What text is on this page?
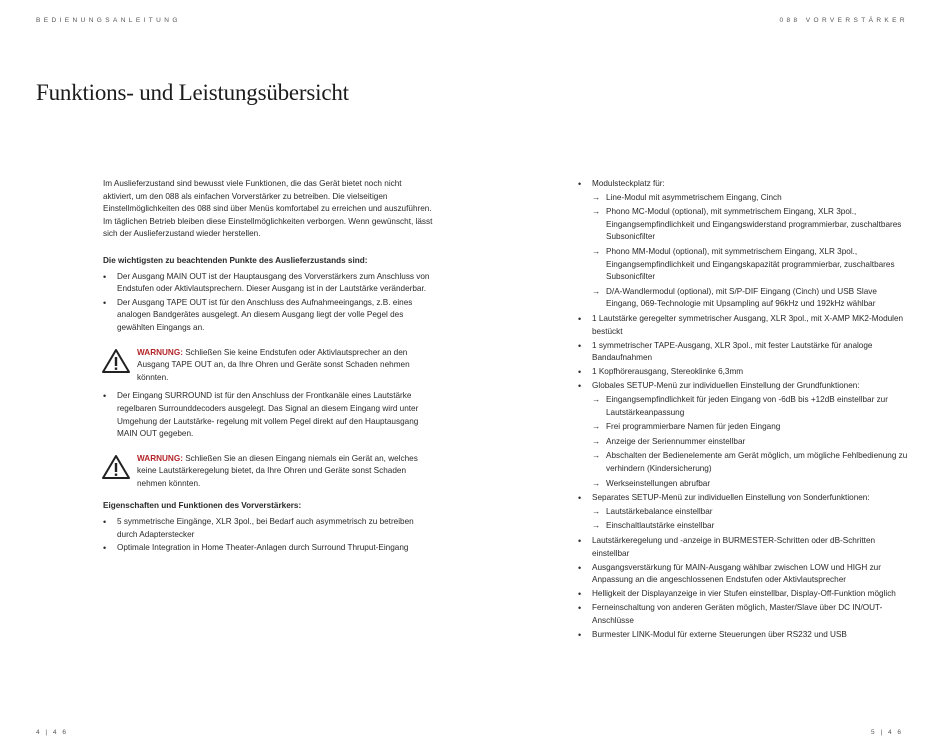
BEDIENUNGSANLEITUNG	088 VORVERSTÄRKER
Funktions- und Leistungsübersicht

Im Auslieferzustand sind bewusst viele Funktionen, die das Gerät bietet noch nicht aktiviert, um den 088 als einfachen Vorverstärker zu betreiben. Die vielseitigen Einstellmöglichkeiten des 088 sind über Menüs komfortabel zu erreichen und auszuführen. Im täglichen Betrieb bleiben diese Einstellmöglichkeiten verborgen. Wenn gewünscht, lässt sich der Auslieferzustand wieder herstellen.

Die wichtigsten zu beachtenden Punkte des Auslieferzustands sind:

• Der Ausgang MAIN OUT ist der Hauptausgang des Vorverstärkers zum Anschluss von Endstufen oder Aktivlautsprechern. Dieser Ausgang ist in der Lautstärke veränderbar.
• Der Ausgang TAPE OUT ist für den Anschluss des Aufnahmeeingangs, z.B. eines analogen Bandgerätes ausgelegt. An diesem Ausgang liegt der volle Pegel des gewählten Eingangs an.

WARNUNG: Schließen Sie keine Endstufen oder Aktivlautsprecher an den Ausgang TAPE OUT an, da Ihre Ohren und Geräte sonst Schaden nehmen könnten.

• Der Eingang SURROUND ist für den Anschluss der Frontkanäle eines Lautstärke regelbaren Surrounddecoders ausgelegt. Das Signal an diesem Eingang wird unter Umgehung der Lautstärke- regelung mit vollem Pegel direkt auf den Hauptausgang MAIN OUT gegeben.

WARNUNG: Schließen Sie an diesen Eingang niemals ein Gerät an, welches keine Lautstärkeregelung bietet, da Ihre Ohren und Geräte sonst Schaden nehmen könnten.

Eigenschaften und Funktionen des Vorverstärkers:

• 5 symmetrische Eingänge, XLR 3pol., bei Bedarf auch asymmetrisch zu betreiben durch Adapterstecker
• Optimale Integration in Home Theater-Anlagen durch Surround Thruput-Eingang
• Modulsteckplatz für:
→ Line-Modul mit asymmetrischem Eingang, Cinch
→ Phono MC-Modul (optional), mit symmetrischem Eingang, XLR 3pol., Eingangsempfindlichkeit und Eingangswiderstand programmierbar, zuschaltbares Subsonicfilter
→ Phono MM-Modul (optional), mit symmetrischem Eingang, XLR 3pol., Eingangsempfindlichkeit und Eingangskapazität programmierbar, zuschaltbares Subsonicfilter
→ D/A-Wandlermodul (optional), mit S/P-DIF Eingang (Cinch) und USB Slave Eingang, 069-Technologie mit Upsampling auf 96kHz und 192kHz wählbar
• 1 Lautstärke geregelter symmetrischer Ausgang, XLR 3pol., mit X-AMP MK2-Modulen bestückt
• 1 symmetrischer TAPE-Ausgang, XLR 3pol., mit fester Lautstärke für analoge Bandaufnahmen
• 1 Kopfhörerausgang, Stereoklinke 6,3mm
• Globales SETUP-Menü zur individuellen Einstellung der Grundfunktionen:
→ Eingangsempfindlichkeit für jeden Eingang von -6dB bis +12dB einstellbar zur Lautstärkeanpassung
→ Frei programmierbare Namen für jeden Eingang
→ Anzeige der Seriennummer einstellbar
→ Abschalten der Bedienelemente am Gerät möglich, um mögliche Fehlbedienung zu verhindern (Kindersicherung)
→ Werkseinstellungen abrufbar
• Separates SETUP-Menü zur individuellen Einstellung von Sonderfunktionen:
→ Lautstärkebalance einstellbar
→ Einschaltlautstärke einstellbar
• Lautstärkeregelung und -anzeige in BURMESTER-Schritten oder dB-Schritten einstellbar
• Ausgangsverstärkung für MAIN-Ausgang wählbar zwischen LOW und HIGH zur Anpassung an die angeschlossenen Endstufen oder Aktivlautsprecher
• Helligkeit der Displayanzeige in vier Stufen einstellbar, Display-Off-Funktion möglich
• Ferneinschaltung von anderen Geräten möglich, Master/Slave über DC IN/OUT-Anschlüsse
• Burmester LINK-Modul für externe Steuerungen über RS232 und USB
4 | 4 6	5 | 4 6
